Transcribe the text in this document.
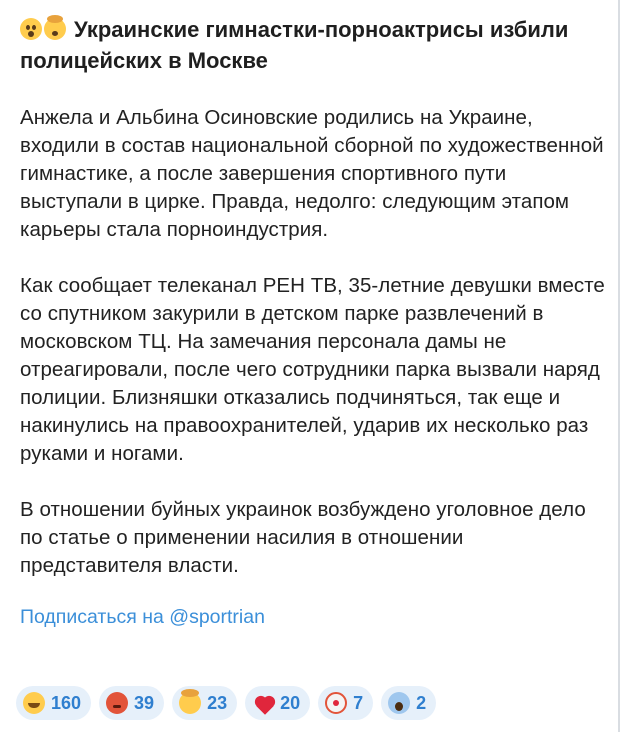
Украинские гимнастки-порноактрисы избили полицейских в Москве

Анжела и Альбина Осиновские родились на Украине, входили в состав национальной сборной по художественной гимнастике, а после завершения спортивного пути выступали в цирке. Правда, недолго: следующим этапом карьеры стала порноиндустрия.

Как сообщает телеканал РЕН ТВ, 35-летние девушки вместе со спутником закурили в детском парке развлечений в московском ТЦ. На замечания персонала дамы не отреагировали, после чего сотрудники парка вызвали наряд полиции. Близняшки отказались подчиняться, так еще и накинулись на правоохранителей, ударив их несколько раз руками и ногами.

В отношении буйных украинок возбуждено уголовное дело по статье о применении насилия в отношении представителя власти.

Подписаться на @sportrian
160	39	23	20	7	2
